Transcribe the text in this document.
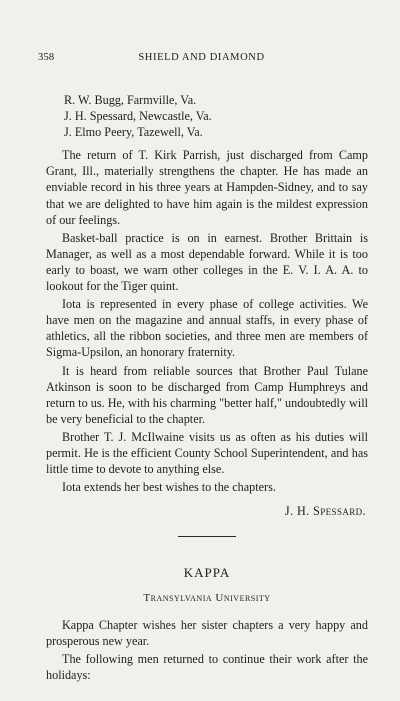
358	SHIELD AND DIAMOND

R. W. Bugg, Farmville, Va.

J. H. Spessard, Newcastle, Va.

J. Elmo Peery, Tazewell, Va.

The return of T. Kirk Parrish, just discharged from Camp Grant, Ill., materially strengthens the chapter. He has made an enviable record in his three years at Hampden-Sidney, and to say that we are delighted to have him again is the mildest expression of our feelings.

Basket-ball practice is on in earnest. Brother Brittain is Manager, as well as a most dependable forward. While it is too early to boast, we warn other colleges in the E. V. I. A. A. to lookout for the Tiger quint.

Iota is represented in every phase of college activities. We have men on the magazine and annual staffs, in every phase of athletics, all the ribbon societies, and three men are members of Sigma-Upsilon, an honorary fraternity.

It is heard from reliable sources that Brother Paul Tulane Atkinson is soon to be discharged from Camp Humphreys and return to us. He, with his charming "better half," undoubtedly will be very beneficial to the chapter.

Brother T. J. McIlwaine visits us as often as his duties will permit. He is the efficient County School Superintendent, and has little time to devote to anything else.

Iota extends her best wishes to the chapters.

J. H. Spessard.

KAPPA
Transylvania University

Kappa Chapter wishes her sister chapters a very happy and prosperous new year.

The following men returned to continue their work after the holidays:
